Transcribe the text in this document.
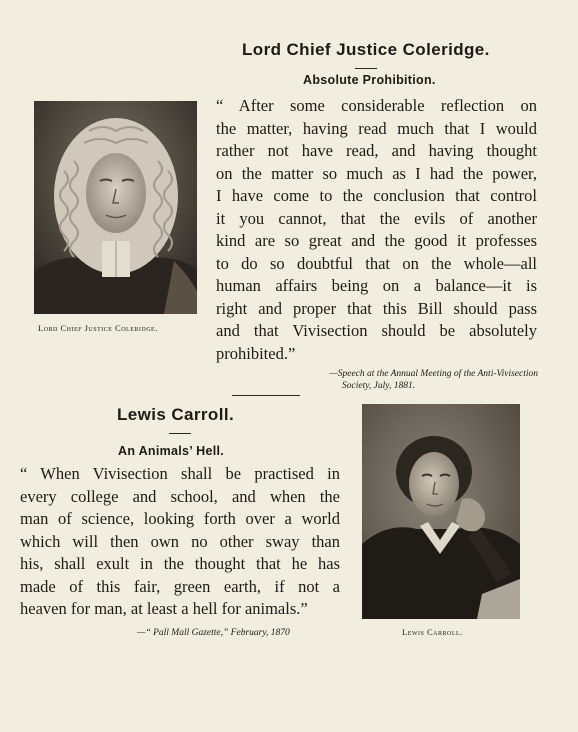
Lord Chief Justice Coleridge.
Absolute Prohibition.
Lord Chief Justice Coleridge.
“ After some considerable reflection on
the matter, having read much that I would
rather not have read, and having thought
on the matter so much as I had the power,
I have come to the conclusion that control
it you cannot, that the evils of another
kind are so great and the good it professes
to do so doubtful that on the whole—all
human affairs being on a balance—it is
right and proper that this Bill should pass
and that Vivisection should be absolutely
prohibited.”
—Speech at the Annual Meeting of the Anti-Vivisection
Society, July, 1881.
Lewis Carroll.
An Animals’ Hell.
“ When Vivisection shall be practised in
every college and school, and when the
man of science, looking forth over a world
which will then own no other sway than
his, shall exult in the thought that he has
made of this fair, green earth, if not a
heaven for man, at least a hell for animals.”
—“ Pall Mall Gazette,” February, 1870	Lewis Carroll.
